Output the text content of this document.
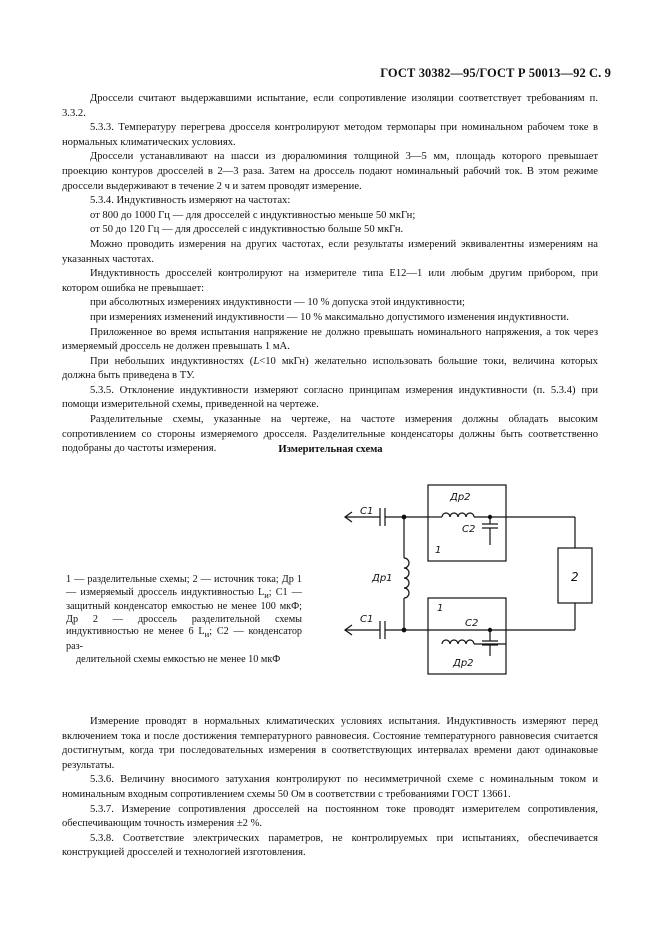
ГОСТ 30382—95/ГОСТ Р 50013—92 С. 9

Дроссели считают выдержавшими испытание, если сопротивление изоляции соответствует требованиям п. 3.3.2.

5.3.3. Температуру перегрева дросселя контролируют методом термопары при номинальном рабочем токе в нормальных климатических условиях.

Дроссели устанавливают на шасси из дюралюминия толщиной 3—5 мм, площадь которого превышает проекцию контуров дросселей в 2—3 раза. Затем на дроссель подают номинальный рабочий ток. В этом режиме дроссели выдерживают в течение 2 ч и затем проводят измерение.

5.3.4. Индуктивность измеряют на частотах:

от 800 до 1000 Гц — для дросселей с индуктивностью меньше 50 мкГн;

от 50 до 120 Гц — для дросселей с индуктивностью больше 50 мкГн.

Можно проводить измерения на других частотах, если результаты измерений эквивалентны измерениям на указанных частотах.

Индуктивность дросселей контролируют на измерителе типа Е12—1 или любым другим прибором, при котором ошибка не превышает:

при абсолютных измерениях индуктивности — 10 % допуска этой индуктивности;

при измерениях изменений индуктивности — 10 % максимально допустимого изменения индуктивности.

Приложенное во время испытания напряжение не должно превышать номинального напряжения, а ток через измеряемый дроссель не должен превышать 1 мА.

При небольших индуктивностях (L<10 мкГн) желательно использовать большие токи, величина которых должна быть приведена в ТУ.

5.3.5. Отклонение индуктивности измеряют согласно принципам измерения индуктивности (п. 5.3.4) при помощи измерительной схемы, приведенной на чертеже.

Разделительные схемы, указанные на чертеже, на частоте измерения должны обладать высоким сопротивлением со стороны измеряемого дросселя. Разделительные конденсаторы должны быть соответственно подобраны до частоты измерения.	Измерительная схема
C1
C1
Др2
C2
1
Др1
1
C2
Др2
2

1 — разделительные схемы; 2 — источник тока; Др 1 — измеряемый дроссель индуктивностью $L_и$; C1 — защитный конденсатор емкостью не менее 100 мкФ; Др 2 — дроссель разделительной схемы индуктивностью не менее 6 $L_и$; C2 — конденсатор раз-

делительной схемы емкостью не менее 10 мкФ

Измерение проводят в нормальных климатических условиях испытания. Индуктивность измеряют перед включением тока и после достижения температурного равновесия. Состояние температурного равновесия считается достигнутым, когда три последовательных измерения в соответствующих интервалах времени дают одинаковые результаты.

5.3.6. Величину вносимого затухания контролируют по несимметричной схеме с номинальным током и номинальным входным сопротивлением схемы 50 Ом в соответствии с требованиями ГОСТ 13661.

5.3.7. Измерение сопротивления дросселей на постоянном токе проводят измерителем сопротивления, обеспечивающим точность измерения ±2 %.

5.3.8. Соответствие электрических параметров, не контролируемых при испытаниях, обеспечивается конструкцией дросселей и технологией изготовления.
